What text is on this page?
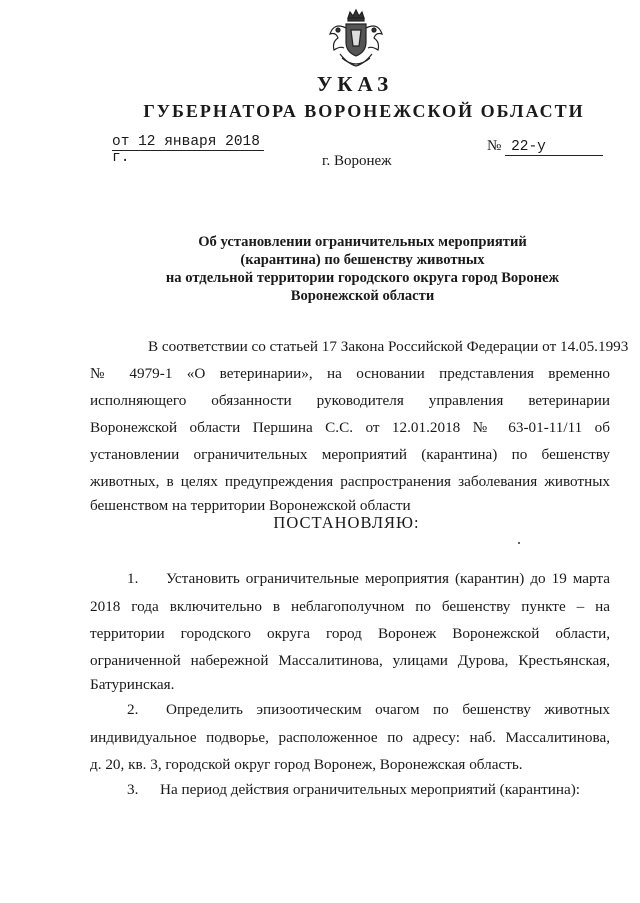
УКАЗ
ГУБЕРНАТОРА ВОРОНЕЖСКОЙ ОБЛАСТИ
от 12 января 2018 г.
№ 22-у
г. Воронеж
Об установлении ограничительных мероприятий
(карантина) по бешенству животных
на отдельной территории городского округа город Воронеж
Воронежской области
В соответствии со статьей 17 Закона Российской Федерации от 14.05.1993
№ 4979-1 «О ветеринарии», на основании представления временно
исполняющего обязанности руководителя управления ветеринарии
Воронежской области Першина С.С. от 12.01.2018 № 63-01-11/11 об
установлении ограничительных мероприятий (карантина) по бешенству
животных, в целях предупреждения распространения заболевания животных
бешенством на территории Воронежской области
ПОСТАНОВЛЯЮ:
1.	Установить ограничительные мероприятия (карантин) до 19 марта
2018 года включительно в неблагополучном по бешенству пункте – на
территории городского округа город Воронеж Воронежской области,
ограниченной набережной Массалитинова, улицами Дурова, Крестьянская,
Батуринская.
2.	Определить эпизоотическим очагом по бешенству животных
индивидуальное подворье, расположенное по адресу: наб. Массалитинова,
д. 20, кв. 3, городской округ город Воронеж, Воронежская область.
3.	На период действия ограничительных мероприятий (карантина):
